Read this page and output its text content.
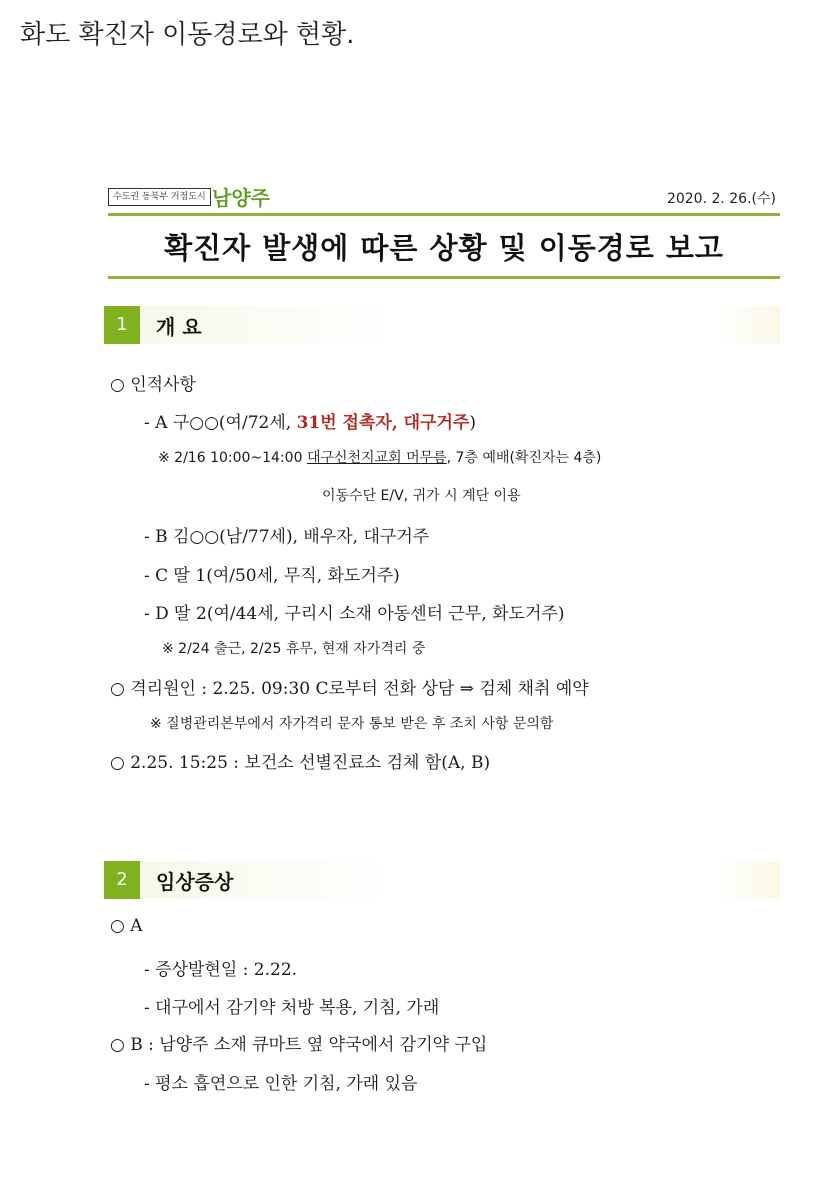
화도 확진자 이동경로와 현황.
수도권 동북부 거점도시 남양주	2020. 2. 26.(수)
확진자 발생에 따른 상황 및 이동경로 보고
1	개 요
○ 인적사항
- A 구○○(여/72세, 31번 접촉자, 대구거주)
※ 2/16 10:00~14:00 대구신천지교회 머무름, 7층 예배(확진자는 4층)
이동수단 E/V, 귀가 시 계단 이용
- B 김○○(남/77세), 배우자, 대구거주
- C 딸 1(여/50세, 무직, 화도거주)
- D 딸 2(여/44세, 구리시 소재 아동센터 근무, 화도거주)
※ 2/24 출근, 2/25 휴무, 현재 자가격리 중
○ 격리원인 : 2.25. 09:30 C로부터 전화 상담 ⇒ 검체 채취 예약
※ 질병관리본부에서 자가격리 문자 통보 받은 후 조치 사항 문의함
○ 2.25. 15:25 : 보건소 선별진료소 검체 함(A, B)
2	임상증상
○ A
- 증상발현일 : 2.22.
- 대구에서 감기약 처방 복용, 기침, 가래
○ B : 남양주 소재 큐마트 옆 약국에서 감기약 구입
- 평소 흡연으로 인한 기침, 가래 있음
